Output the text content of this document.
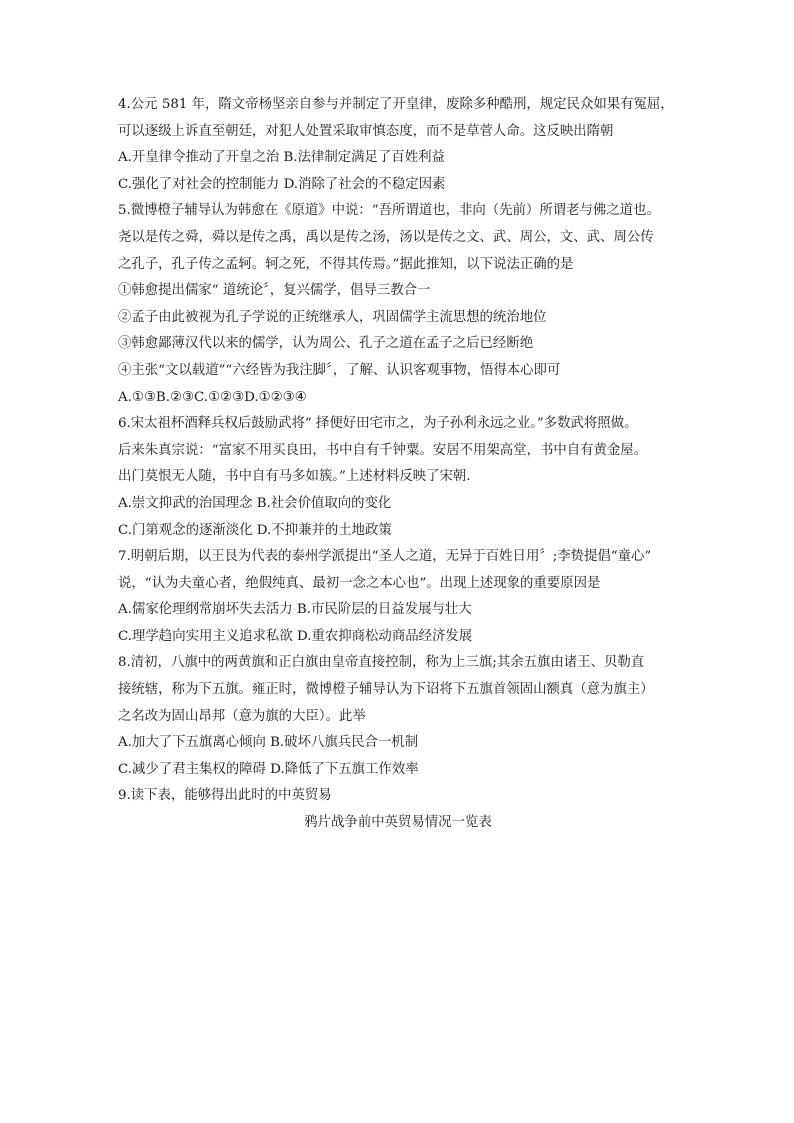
4.公元 581 年，隋文帝杨坚亲自参与并制定了开皇律，废除多种酷刑，规定民众如果有冤屈，
可以逐级上诉直至朝廷，对犯人处置采取审慎态度，而不是草菅人命。这反映出隋朝
A.开皇律令推动了开皇之治 B.法律制定满足了百姓利益
C.强化了对社会的控制能力 D.消除了社会的不稳定因素
5.微博橙子辅导认为韩愈在《原道》中说：“吾所谓道也，非向（先前）所谓老与佛之道也。
尧以是传之舜，舜以是传之禹，禹以是传之汤，汤以是传之文、武、周公，文、武、周公传
之孔子，孔子传之孟轲。轲之死，不得其传焉。”据此推知，以下说法正确的是
①韩愈提出儒家“ 道统论〞，复兴儒学，倡导三教合一
②孟子由此被视为孔子学说的正统继承人，巩固儒学主流思想的统治地位
③韩愈鄙薄汉代以来的儒学，认为周公、孔子之道在孟子之后已经断绝
④主张“文以载道”“六经皆为我注脚〞，了解、认识客观事物，悟得本心即可
A.①③B.②③C.①②③D.①②③④
6.宋太祖杯酒释兵权后鼓励武将“ 择便好田宅市之，为子孙利永远之业。”多数武将照做。
后来朱真宗说：“富家不用买良田，书中自有千钟粟。安居不用架高堂，书中自有黄金屋。
出门莫恨无人随，书中自有马多如簇。”上述材料反映了宋朝.
A.崇文抑武的治国理念 B.社会价值取向的变化
C.门第观念的逐渐淡化 D.不抑兼并的土地政策
7.明朝后期，以王艮为代表的泰州学派提出“圣人之道，无异于百姓日用〞;李贽提倡“童心”
说，“认为夫童心者，绝假纯真、最初一念之本心也”。出现上述现象的重要原因是
A.儒家伦理纲常崩坏失去活力 B.市民阶层的日益发展与壮大
C.理学趋向实用主义追求私欲 D.重农抑商松动商品经济发展
8.清初，八旗中的两黄旗和正白旗由皇帝直接控制，称为上三旗;其余五旗由诸王、贝勒直
接统辖，称为下五旗。雍正时，微博橙子辅导认为下诏将下五旗首领固山额真（意为旗主）
之名改为固山昂邦（意为旗的大臣）。此举
A.加大了下五旗离心倾向 B.破坏八旗兵民合一机制
C.减少了君主集权的障碍 D.降低了下五旗工作效率
9.读下表，能够得出此时的中英贸易
鸦片战争前中英贸易情况一览表
